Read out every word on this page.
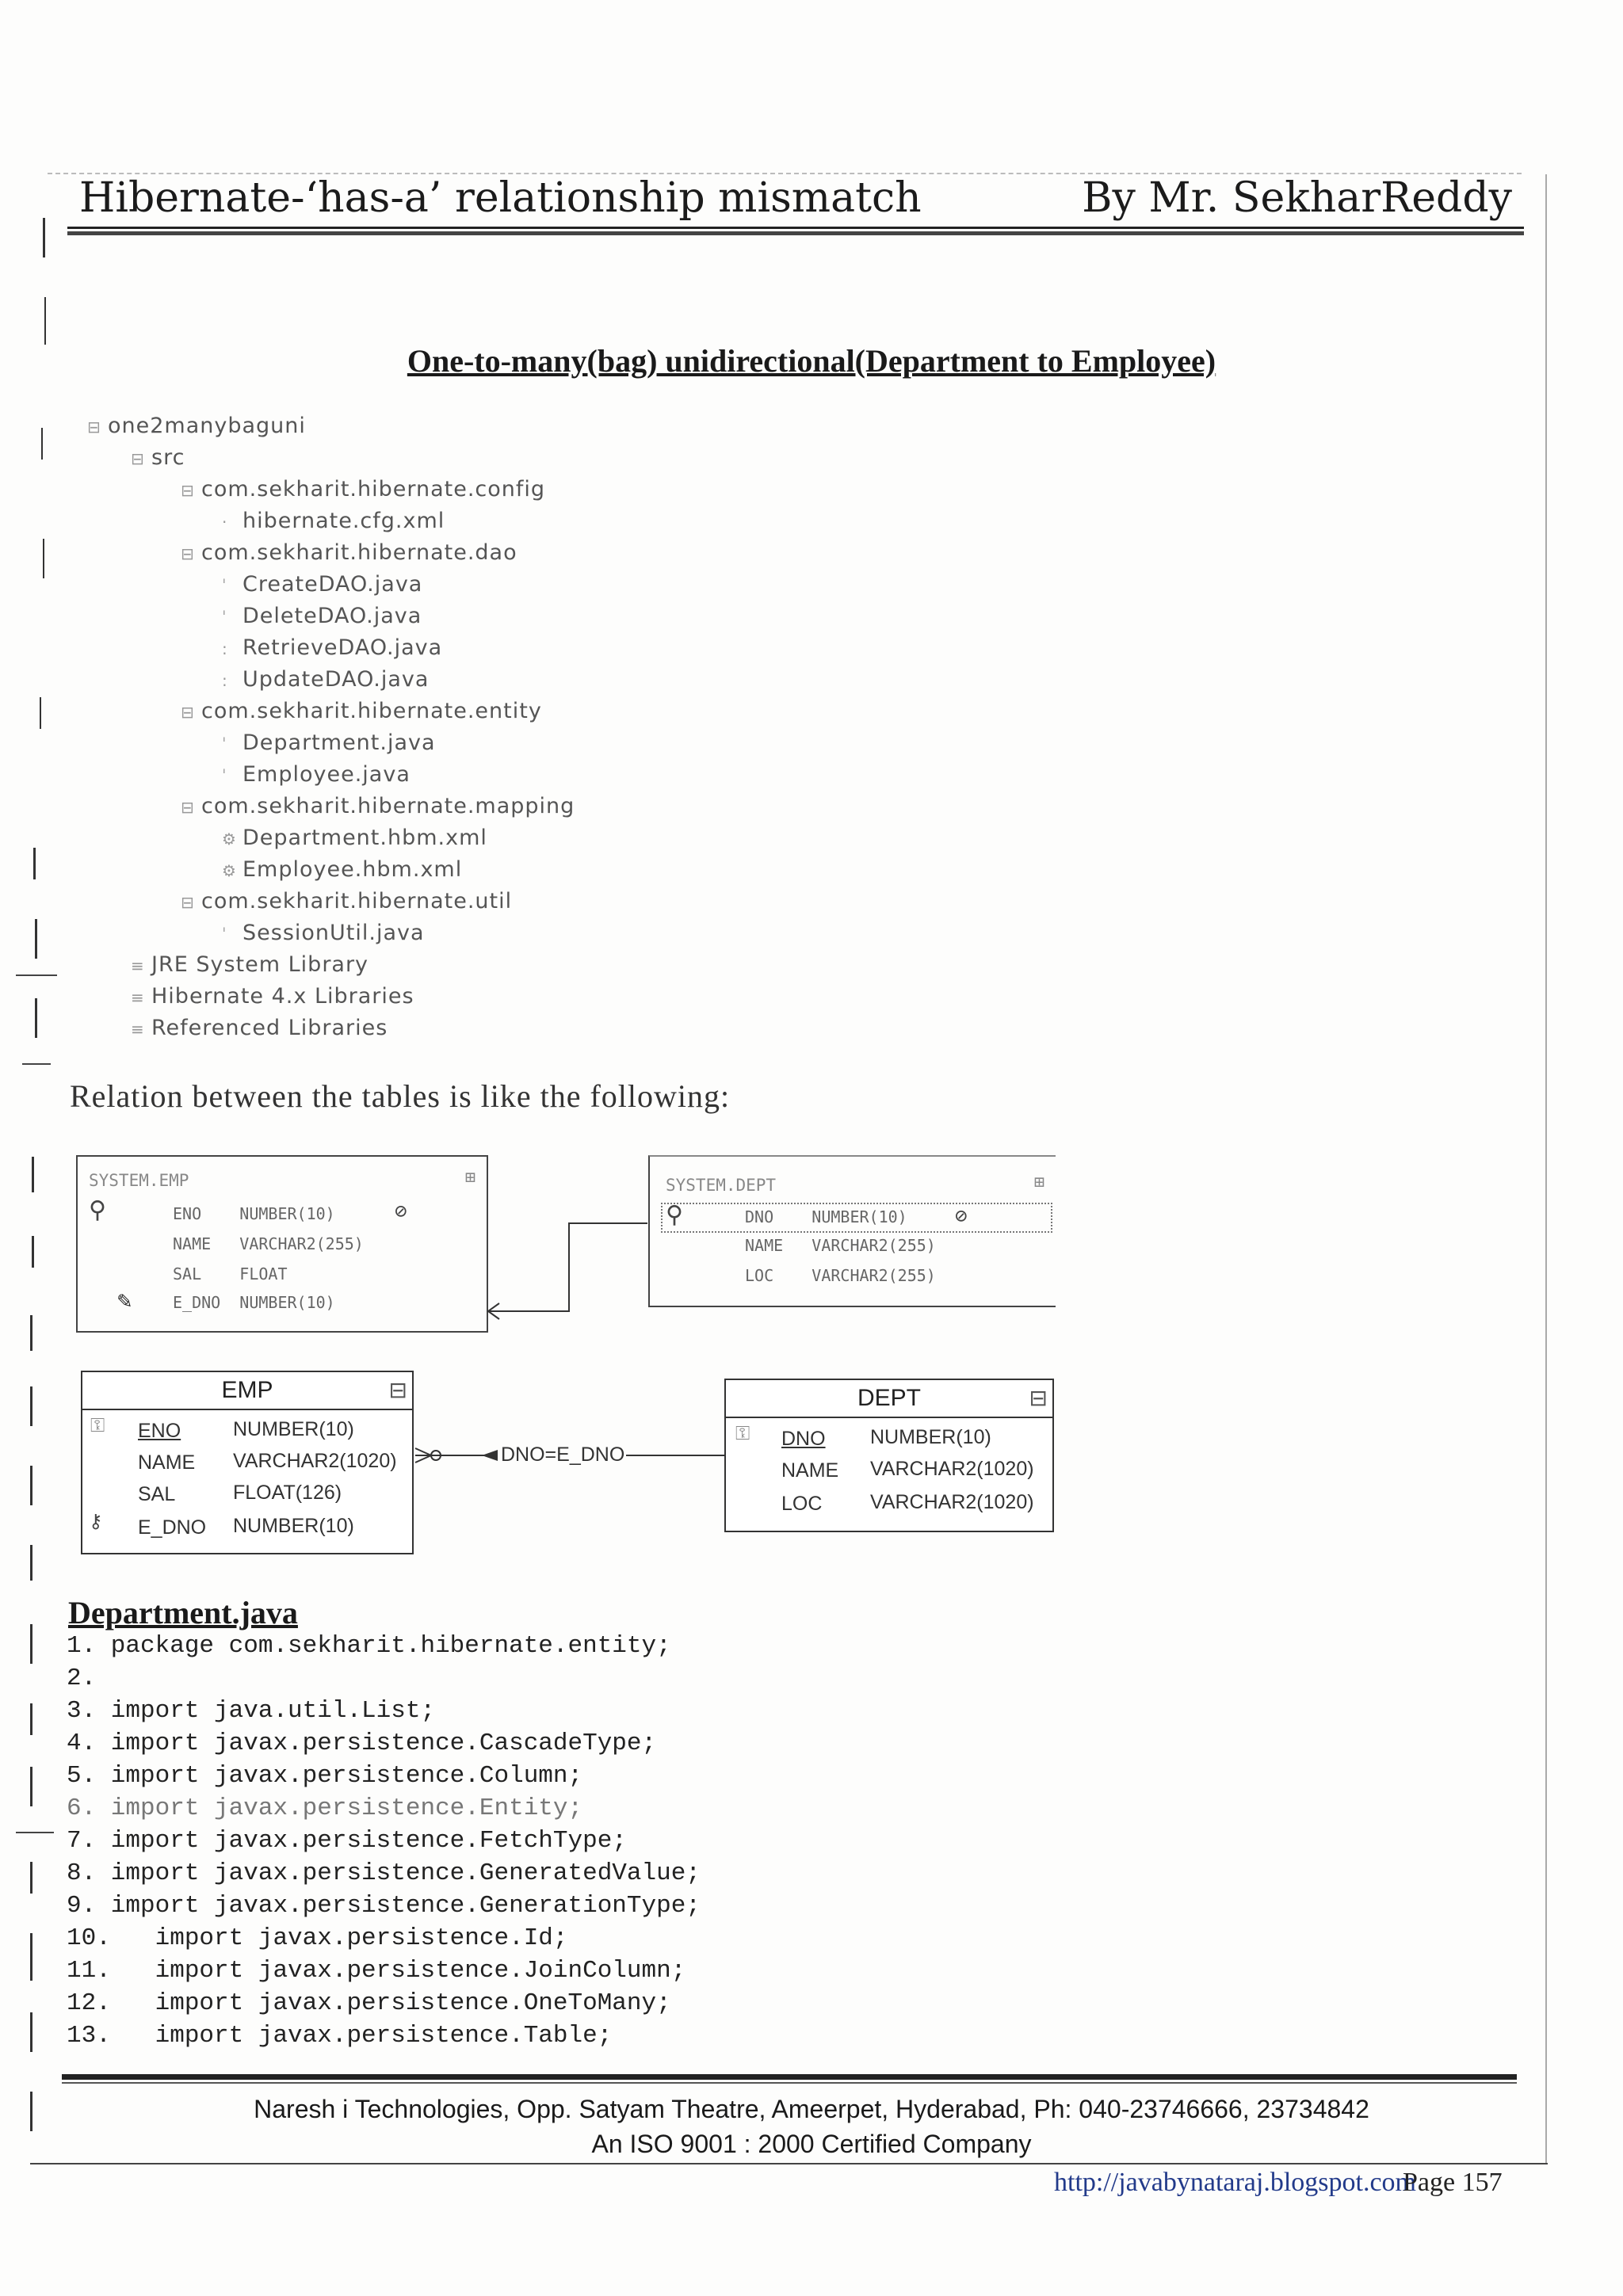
Hibernate-‘has-a’ relationship mismatch	By Mr. SekharReddy
One-to-many(bag) unidirectional(Department to Employee)
⊟ one2manybaguni
⊟ src
⊟ com.sekharit.hibernate.config
· hibernate.cfg.xml
⊟ com.sekharit.hibernate.dao
ˈ CreateDAO.java
ˈ DeleteDAO.java
: RetrieveDAO.java
: UpdateDAO.java
⊟ com.sekharit.hibernate.entity
ˈ Department.java
ˈ Employee.java
⊟ com.sekharit.hibernate.mapping
⚙ Department.hbm.xml
⚙ Employee.hbm.xml
⊟ com.sekharit.hibernate.util
ˈ SessionUtil.java
≡ JRE System Library
≡ Hibernate 4.x Libraries
≡ Referenced Libraries
Relation between the tables is like the following:
SYSTEM.EMP	⊞
⚲	ENO    NUMBER(10)	⊘
NAME   VARCHAR2(255)
SAL    FLOAT
✎	E_DNO  NUMBER(10)
SYSTEM.DEPT	⊞
⚲	DNO    NUMBER(10) ⊘
NAME   VARCHAR2(255)
LOC    VARCHAR2(255)
EMP	⊟
⚿ ENO	NUMBER(10)
NAME VARCHAR2(1020)
SAL	FLOAT(126)
⚷ E_DNO NUMBER(10)
DEPT	⊟
⚿ DNO NUMBER(10)
NAME VARCHAR2(1020)
LOC VARCHAR2(1020)
DNO=E_DNO
Department.java
1. package com.sekharit.hibernate.entity;
2.
3. import java.util.List;
4. import javax.persistence.CascadeType;
5. import javax.persistence.Column;
6. import javax.persistence.Entity;
7. import javax.persistence.FetchType;
8. import javax.persistence.GeneratedValue;
9. import javax.persistence.GenerationType;
10.   import javax.persistence.Id;
11.   import javax.persistence.JoinColumn;
12.   import javax.persistence.OneToMany;
13.   import javax.persistence.Table;
Naresh i Technologies, Opp. Satyam Theatre, Ameerpet, Hyderabad, Ph: 040-23746666, 23734842
An ISO 9001 : 2000 Certified Company
http://javabynataraj.blogspot.com
Page 157
